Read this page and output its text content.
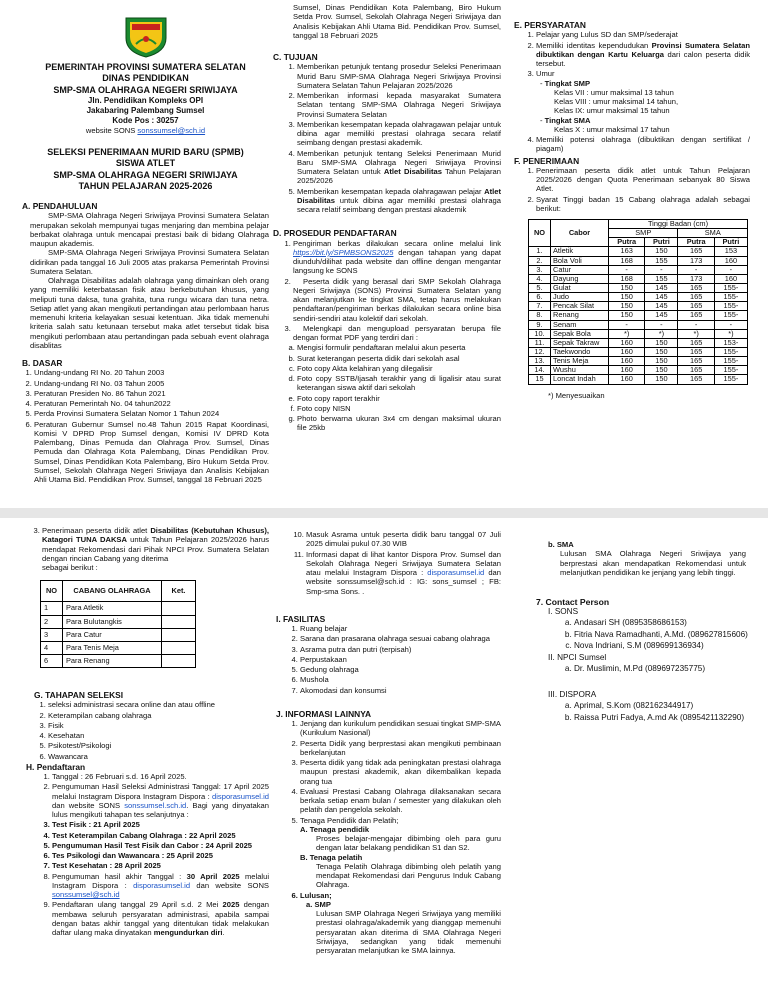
PEMERINTAH PROVINSI SUMATERA SELATAN
DINAS PENDIDIKAN
SMP-SMA OLAHRAGA NEGERI SRIWIJAYA
Jln. Pendidikan Kompleks OPI
Jakabaring Palembang Sumsel
Kode Pos : 30257
website SONS sonssumsel@sch.id
SELEKSI PENERIMAAN MURID BARU (SPMB)
SISWA ATLET
SMP-SMA OLAHRAGA NEGERI SRIWIJAYA
TAHUN PELAJARAN 2025-2026
A. PENDAHULUAN

SMP-SMA Olahraga Negeri Sriwijaya Provinsi Sumatera Selatan merupakan sekolah mempunyai tugas menjaring dan membina pelajar berbakat olahraga untuk mencapai prestasi baik di bidang Olahraga maupun akademis.

SMP-SMA Olahraga Negeri Sriwijaya Provinsi Sumatera Selatan didirikan pada tanggal 16 Juli 2005 atas prakarsa Pemerintah Provinsi Sumatera Selatan.

Olahraga Disabilitas adalah olahraga yang dimainkan oleh orang yang memiliki keterbatasan fisik atau berkebutuhan khusus, yang meliputi tuna daksa, tuna grahita, tuna rungu wicara dan tuna netra. Setiap atlet yang akan mengikuti pertandingan atau perlombaan harus memenuhi kriteria kelayakan sesuai ketentuan. Jika tidak memenuhi kriteria salah satu ketunaan tersebut maka atlet tersebut tidak bisa mengikuti perlombaan atau pertandingan pada sebuah event olahraga disablitas

B. DASAR
1. Undang-undang RI No. 20 Tahun 2003
2. Undang-undang RI No. 03 Tahun 2005
3. Peraturan Presiden No. 86 Tahun 2021
4. Peraturan Pemerintah No. 04 tahun2022
5. Perda Provinsi Sumatera Selatan Nomor 1 Tahun 2024
6. Peraturan Gubernur Sumsel no.48 Tahun 2015 Rapat Koordinasi, Komisi V DPRD Prop Sumsel dengan, Komisi IV DPRD Kota Palembang, Dinas Pemuda dan Olahraga Prov. Sumsel, Dinas Pemuda dan Olahraga Kota Palembang, Dinas Pendidikan Prov. Sumsel, Dinas Pendidikan Kota Palembang, Biro Hukum Setda Prov. Sumsel, Sekolah Olahraga Negeri Sriwijaya dan Analisis Kebijakan Ahli Utama Bid. Pendidikan Prov. Sumsel, tanggal 18 Februari 2025

Sumsel, Dinas Pendidikan Kota Palembang, Biro Hukum Setda Prov. Sumsel, Sekolah Olahraga Negeri Sriwijaya dan Analisis Kebijakan Ahli Utama Bid. Pendidikan Prov. Sumsel, tanggal 18 Februari 2025

C. TUJUAN
1. Memberikan petunjuk tentang prosedur Seleksi Penerimaan Murid Baru SMP-SMA Olahraga Negeri Sriwijaya Provinsi Sumatera Selatan Tahun Pelajaran 2025/2026
2. Memberikan informasi kepada masyarakat Sumatera Selatan tentang SMP-SMA Olahraga Negeri Sriwijaya Provinsi Sumatera Selatan
3. Memberikan kesempatan kepada olahragawan pelajar untuk dibina agar memiliki prestasi olahraga secara relatif seimbang dengan prestasi akademik.
4. Memberikan petunjuk tentang Seleksi Penerimaan Murid Baru SMP-SMA Olahraga Negeri Sriwijaya Provinsi Sumatera Selatan untuk Atlet Disabilitas Tahun Pelajaran 2025/2026
5. Memberikan kesempatan kepada olahragawan pelajar Atlet Disabilitas untuk dibina agar memiliki prestasi olahraga secara relatif seimbang dengan prestasi akademik
D. PROSEDUR PENDAFTARAN
1. Pengiriman berkas dilakukan secara online melalui link https://bit.ly/SPMBSONS2025 dengan tahapan yang dapat diunduh/dilihat pada website dan offline dengan mengantar langsung ke SONS
2. Peserta didik yang berasal dari SMP Sekolah Olahraga Negeri Sriwijaya (SONS) Provinsi Sumatera Selatan yang akan melanjutkan ke tingkat SMA, tetap harus melakukan pendaftaran/pengiriman berkas dilakukan secara online bisa sendiri-sendiri atau kolektif dari sekolah.
3. Melengkapi dan mengupload persyaratan berupa file dengan format PDF yang terdiri dari :
a. Mengisi formulir pendaftaran melalui akun peserta
b. Surat keterangan peserta didik dari sekolah asal
c. Foto copy Akta kelahiran yang dilegalisir
d. Foto copy SSTB/Ijasah terakhir yang di ligalisir atau surat keterangan siswa aktif dari sekolah
e. Foto copy raport terakhir
f. Foto copy NISN
g. Photo berwarna ukuran 3x4 cm dengan maksimal ukuran file 25kb
E. PERSYARATAN
1. Pelajar yang Lulus SD dan SMP/sederajat
2. Memiliki identitas kependudukan Provinsi Sumatera Selatan dibuktikan dengan Kartu Keluarga dari calon peserta didik tersebut.
3. Umur
- Tingkat SMP
Kelas VII : umur maksimal 13 tahun
Kelas VIII : umur maksimal 14 tahun,
Kelas IX: umur maksimal 15 tahun
- Tingkat SMA
Kelas X : umur maksimal 17 tahun
4. Memiliki potensi olahraga (dibuktikan dengan sertifikat / piagam)
F. PENERIMAAN
1. Penerimaan peserta didik atlet untuk Tahun Pelajaran 2025/2026 dengan Quota Penerimaan sebanyak 80 Siswa Atlet.
2. Syarat Tinggi badan 15 Cabang olahraga adalah sebagai berikut:
NO	Cabor	Tinggi Badan (cm)			
		SMP		SMA	
		Putra	Putri	Putra	Putri
1.	Atletik	163	150	165	153
2.	Bola Voli	168	155	173	160
3.	Catur	-	-	-	-
4.	Dayung	168	155	173	160
5.	Gulat	150	145	165	155-
6.	Judo	150	145	165	155-
7.	Pencak Silat	150	145	165	155-
8.	Renang	150	145	165	155-
9.	Senam	-	-	-	-
10.	Sepak Bola	*)	*)	*)	*)
11.	Sepak Takraw	160	150	165	153-
12.	Taekwondo	160	150	165	155-
13.	Tenis Meja	160	150	165	155-
14.	Wushu	160	150	165	155-
15	Loncat Indah	160	150	165	155-
*) Menyesuaikan
3. Penerimaan peserta didik atlet Disabilitas (Kebutuhan Khusus), Katagori TUNA DAKSA untuk Tahun Pelajaran 2025/2026 harus mendapat Rekomendasi dari Pihak NPCI Prov. Sumatera Selatan dengan rincian Cabang yang diterima
sebagai berikut :
NO	CABANG OLAHRAGA	Ket.
1	Para Atletik	
2	Para Bulutangkis	
3	Para Catur	
4	Para Tenis Meja	
6	Para Renang	
G. TAHAPAN SELEKSI
1. seleksi administrasi secara online dan atau offline
2. Keterampilan cabang olahraga
3. Fisik
4. Kesehatan
5. Psikotest/Psikologi
6. Wawancara
H. Pendaftaran
1. Tanggal : 26 Februari s.d. 16 April 2025.
2. Pengumuman Hasil Seleksi Administrasi Tanggal: 17 April 2025 melalui Instagram Dispora Instagram Dispora : disporasumsel.id dan website SONS sonssumsel.sch.id. Bagi yang dinyatakan lulus mengikuti tahapan tes selanjutnya :
3. Test Fisik : 21 April 2025
4. Test Keterampilan Cabang Olahraga : 22 April 2025
5. Pengumuman Hasil Test Fisik dan Cabor : 24 April 2025
6. Tes Psikologi dan Wawancara : 25 April 2025
7. Test Kesehatan : 28 April 2025
8. Pengumuman hasil akhir Tanggal : 30 April 2025 melalui Instagram Dispora : disporasumsel.id dan website SONS sonssumsel@sch.id
9. Pendaftaran ulang tanggal 29 April s.d. 2 Mei 2025 dengan membawa seluruh persyaratan administrasi, apabila sampai dengan batas akhir tanggal yang ditentukan tidak melakukan daftar ulang maka dinyatakan mengundurkan diri.
10. Masuk Asrama untuk peserta didik baru tanggal 07 Juli 2025 dimulai pukul 07.30 WIB
11. Informasi dapat di lihat kantor Dispora Prov. Sumsel dan Sekolah Olahraga Negeri Sriwijaya Sumatera Selatan atau melalui Instagram Dispora : disporasumsel.id dan website sonssumsel@sch.id : IG: sons_sumsel ; FB: Smp-sma Sons. .
I. FASILITAS
1. Ruang belajar
2. Sarana dan prasarana olahraga sesuai cabang olahraga
3. Asrama putra dan putri (terpisah)
4. Perpustakaan
5. Gedung olahraga
6. Mushola
7. Akomodasi dan konsumsi
J. INFORMASI LAINNYA
1. Jenjang dan kurikulum pendidikan sesuai tingkat SMP-SMA (Kurikulum Nasional)
2. Peserta Didik yang berprestasi akan mengikuti pembinaan berkelanjutan
3. Peserta didik yang tidak ada peningkatan prestasi olahraga maupun prestasi akademik, akan dikembalikan kepada orang tua
4. Evaluasi Prestasi Cabang Olahraga dilaksanakan secara berkala setiap enam bulan / semester yang dilakukan oleh pelatih dan pengelola sekolah.
5. Tenaga Pendidik dan Pelatih;
A. Tenaga pendidik
Proses belajar-mengajar dibimbing oleh para guru dengan latar belakang pendidikan S1 dan S2.
B. Tenaga pelatih
Tenaga Pelatih Olahraga dibimbing oleh pelatih yang mendapat Rekomendasi dari Pengurus Induk Cabang Olahraga.
6. Lulusan;
a. SMP
Lulusan SMP Olahraga Negeri Sriwijaya yang memiliki prestasi olahraga/akademik yang dianggap memenuhi persyaratan akan diterima di SMA Olahraga Negeri Sriwijaya, sedangkan yang tidak memenuhi persyaratan melanjutkan ke SMA lainnya.
b. SMA

Lulusan SMA Olahraga Negeri Sriwijaya yang berprestasi akan mendapatkan Rekomendasi untuk melanjutkan pendidikan ke jenjang yang lebih tinggi.

7. Contact Person
I. SONS
a. Andasari SH (0895358686153)
b. Fitria Nava Ramadhanti, A.Md. (089627815606)
c. Nova Indriani, S.M (089699136934)
II. NPCI Sumsel
a. Dr. Muslimin, M.Pd (089697235775)
III. DISPORA
a. Aprimal, S.Kom (082162344917)
b. Raissa Putri Fadya, A.md Ak (0895421132290)
